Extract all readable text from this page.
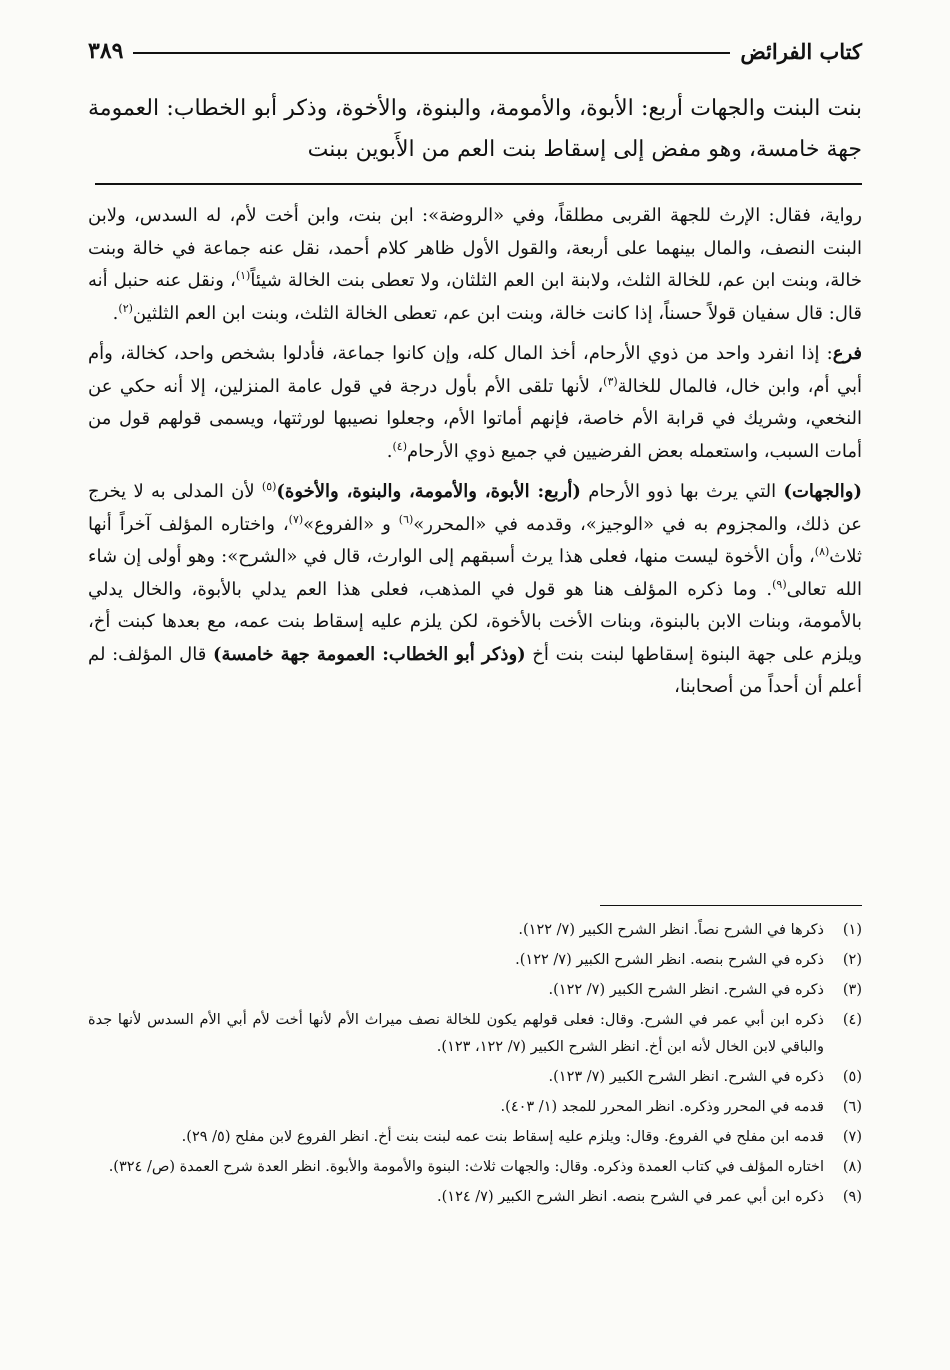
كتاب الفرائض
٣٨٩
بنت البنت والجهات أربع: الأبوة، والأمومة، والبنوة، والأخوة، وذكر أبو الخطاب: العمومة جهة خامسة، وهو مفض إلى إسقاط بنت العم من الأَبوين ببنت

رواية، فقال: الإرث للجهة القربى مطلقاً، وفي «الروضة»: ابن بنت، وابن أخت لأم، له السدس، ولابن البنت النصف، والمال بينهما على أربعة، والقول الأول ظاهر كلام أحمد، نقل عنه جماعة في خالة وبنت خالة، وبنت ابن عم، للخالة الثلث، ولابنة ابن العم الثلثان، ولا تعطى بنت الخالة شيئاً$^{(١)}$، ونقل عنه حنبل أنه قال: قال سفيان قولاً حسناً، إذا كانت خالة، وبنت ابن عم، تعطى الخالة الثلث، وبنت ابن العم الثلثين$^{(٢)}$.

فرع: إذا انفرد واحد من ذوي الأرحام، أخذ المال كله، وإن كانوا جماعة، فأدلوا بشخص واحد، كخالة، وأم أبي أم، وابن خال، فالمال للخالة$^{(٣)}$، لأنها تلقى الأم بأول درجة في قول عامة المنزلين، إلا أنه حكي عن النخعي، وشريك في قرابة الأم خاصة، فإنهم أماتوا الأم، وجعلوا نصيبها لورثتها، ويسمى قولهم قول من أمات السبب، واستعمله بعض الفرضيين في جميع ذوي الأرحام$^{(٤)}$.

(والجهات) التي يرث بها ذوو الأرحام (أربع: الأبوة، والأمومة، والبنوة، والأخوة)$^{(٥)}$ لأن المدلى به لا يخرج عن ذلك، والمجزوم به في «الوجيز»، وقدمه في «المحرر»$^{(٦)}$ و «الفروع»$^{(٧)}$، واختاره المؤلف آخراً أنها ثلاث$^{(٨)}$، وأن الأخوة ليست منها، فعلى هذا يرث أسبقهم إلى الوارث، قال في «الشرح»: وهو أولى إن شاء الله تعالى$^{(٩)}$. وما ذكره المؤلف هنا هو قول في المذهب، فعلى هذا العم يدلي بالأبوة، والخال يدلي بالأمومة، وبنات الابن بالبنوة، وبنات الأخت بالأخوة، لكن يلزم عليه إسقاط بنت عمه، مع بعدها كبنت أخ، ويلزم على جهة البنوة إسقاطها لبنت بنت أخ (وذكر أبو الخطاب: العمومة جهة خامسة) قال المؤلف: لم أعلم أن أحداً من أصحابنا،

(١)
ذكرها في الشرح نصاً. انظر الشرح الكبير (٧/ ١٢٢).
(٢)
ذكره في الشرح بنصه. انظر الشرح الكبير (٧/ ١٢٢).
(٣)
ذكره في الشرح. انظر الشرح الكبير (٧/ ١٢٢).
(٤)
ذكره ابن أبي عمر في الشرح. وقال: فعلى قولهم يكون للخالة نصف ميراث الأم لأنها أخت لأم أبي الأم السدس لأنها جدة والباقي لابن الخال لأنه ابن أخ. انظر الشرح الكبير (٧/ ١٢٢، ١٢٣).
(٥)
ذكره في الشرح. انظر الشرح الكبير (٧/ ١٢٣).
(٦)
قدمه في المحرر وذكره. انظر المحرر للمجد (١/ ٤٠٣).
(٧)
قدمه ابن مفلح في الفروع. وقال: ويلزم عليه إسقاط بنت عمه لبنت بنت أخ. انظر الفروع لابن مفلح (٥/ ٢٩).
(٨)
اختاره المؤلف في كتاب العمدة وذكره. وقال: والجهات ثلاث: البنوة والأمومة والأبوة. انظر العدة شرح العمدة (ص/ ٣٢٤).
(٩)
ذكره ابن أبي عمر في الشرح بنصه. انظر الشرح الكبير (٧/ ١٢٤).
